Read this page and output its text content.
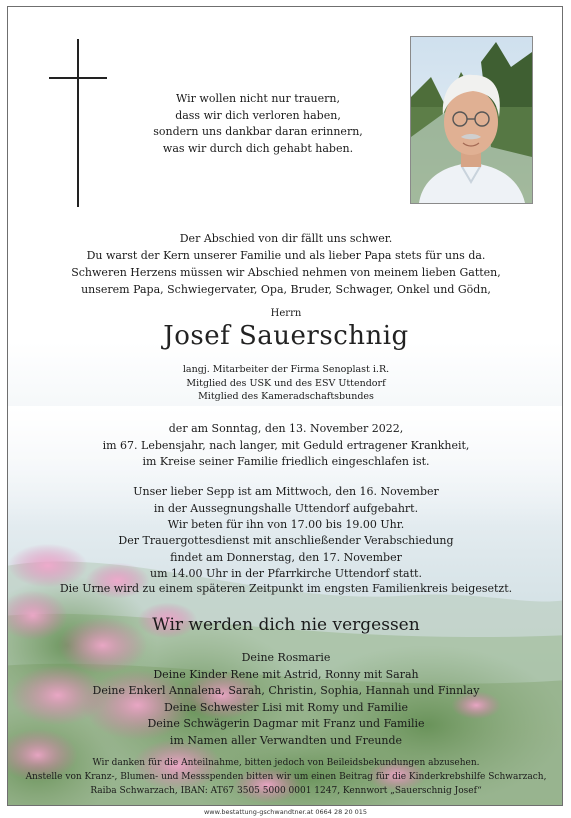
Wir wollen nicht nur trauern,
dass wir dich verloren haben,
sondern uns dankbar daran erinnern,
was wir durch dich gehabt haben.
Der Abschied von dir fällt uns schwer.
Du warst der Kern unserer Familie und als lieber Papa stets für uns da.
Schweren Herzens müssen wir Abschied nehmen von meinem lieben Gatten,
unserem Papa, Schwiegervater, Opa, Bruder, Schwager, Onkel und Gödn,
Herrn
Josef Sauerschnig
langj. Mitarbeiter der Firma Senoplast i.R.
Mitglied des USK und des ESV Uttendorf
Mitglied des Kameradschaftsbundes
der am Sonntag, den 13. November 2022,
im 67. Lebensjahr, nach langer, mit Geduld ertragener Krankheit,
im Kreise seiner Familie friedlich eingeschlafen ist.
Unser lieber Sepp ist am Mittwoch, den 16. November
in der Aussegnungshalle Uttendorf aufgebahrt.
Wir beten für ihn von 17.00 bis 19.00 Uhr.
Der Trauergottesdienst mit anschließender Verabschiedung
findet am Donnerstag, den 17. November
um 14.00 Uhr in der Pfarrkirche Uttendorf statt.
Die Urne wird zu einem späteren Zeitpunkt im engsten Familienkreis beigesetzt.
Wir werden dich nie vergessen
Deine Rosmarie
Deine Kinder Rene mit Astrid, Ronny mit Sarah
Deine Enkerl Annalena, Sarah, Christin, Sophia, Hannah und Finnlay
Deine Schwester Lisi mit Romy und Familie
Deine Schwägerin Dagmar mit Franz und Familie
im Namen aller Verwandten und Freunde
Wir danken für die Anteilnahme, bitten jedoch von Beileidsbekundungen abzusehen.
Anstelle von Kranz-, Blumen- und Messspenden bitten wir um einen Beitrag für die Kinderkrebshilfe Schwarzach,
Raiba Schwarzach, IBAN: AT67 3505 5000 0001 1247, Kennwort „Sauerschnig Josef“
www.bestattung-gschwandtner.at 0664 28 20 015
